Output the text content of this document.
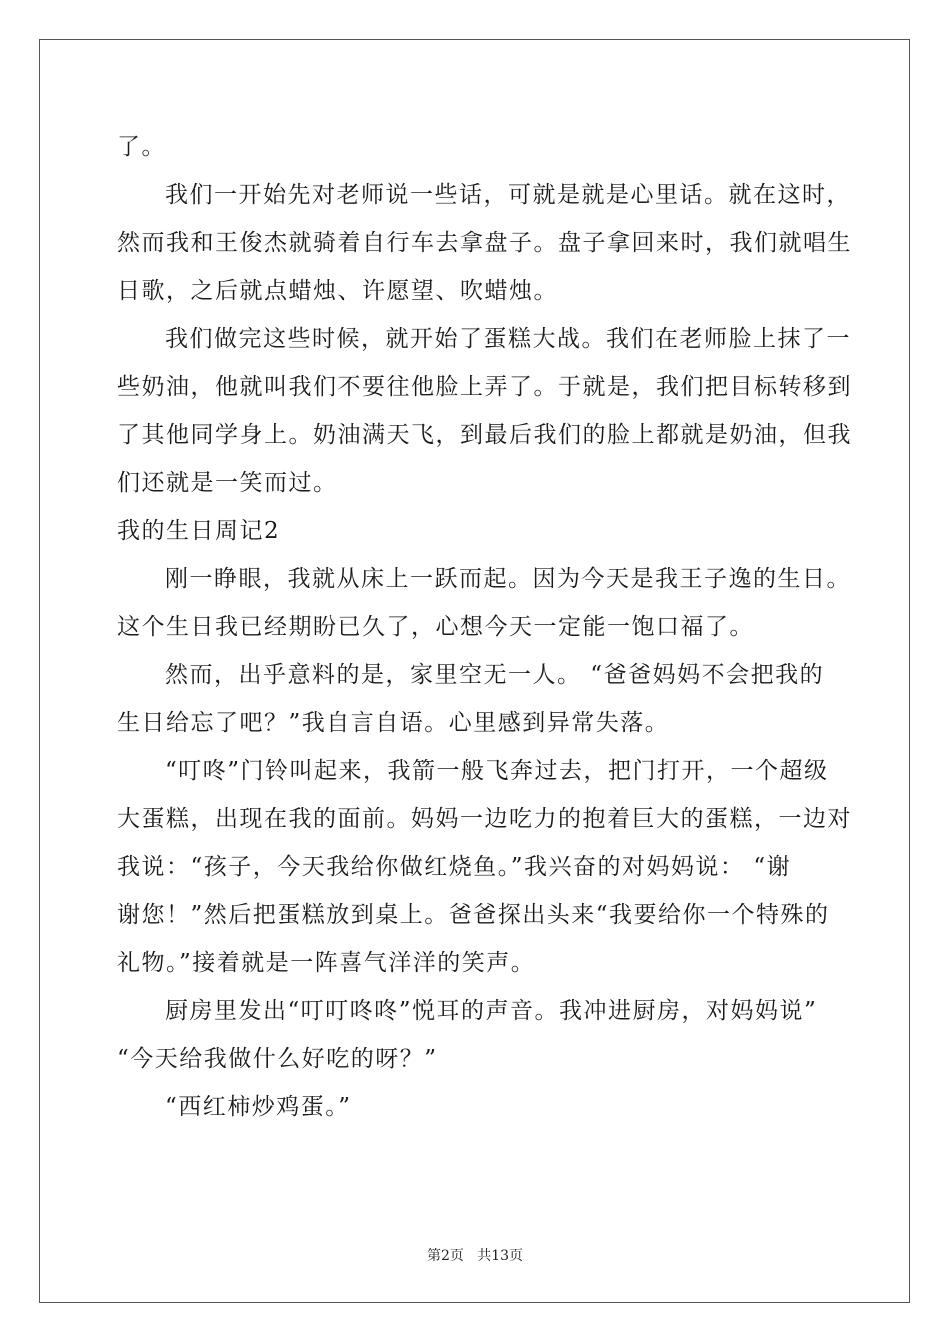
了。

我们一开始先对老师说一些话，可就是就是心里话。就在这时，

然而我和王俊杰就骑着自行车去拿盘子。盘子拿回来时，我们就唱生

日歌，之后就点蜡烛、许愿望、吹蜡烛。

我们做完这些时候，就开始了蛋糕大战。我们在老师脸上抹了一

些奶油，他就叫我们不要往他脸上弄了。于就是，我们把目标转移到

了其他同学身上。奶油满天飞，到最后我们的脸上都就是奶油，但我

们还就是一笑而过。

我的生日周记2

刚一睁眼，我就从床上一跃而起。因为今天是我王子逸的生日。

这个生日我已经期盼已久了，心想今天一定能一饱口福了。

然而，出乎意料的是，家里空无一人。 “爸爸妈妈不会把我的

生日给忘了吧？”我自言自语。心里感到异常失落。

“叮咚”门铃叫起来，我箭一般飞奔过去，把门打开，一个超级

大蛋糕，出现在我的面前。妈妈一边吃力的抱着巨大的蛋糕，一边对

我说：“孩子，今天我给你做红烧鱼。”我兴奋的对妈妈说： “谢

谢您！”然后把蛋糕放到桌上。爸爸探出头来“我要给你一个特殊的

礼物。”接着就是一阵喜气洋洋的笑声。

厨房里发出“叮叮咚咚”悦耳的声音。我冲进厨房，对妈妈说”

“今天给我做什么好吃的呀？”

“西红柿炒鸡蛋。”

第2页   共13页
